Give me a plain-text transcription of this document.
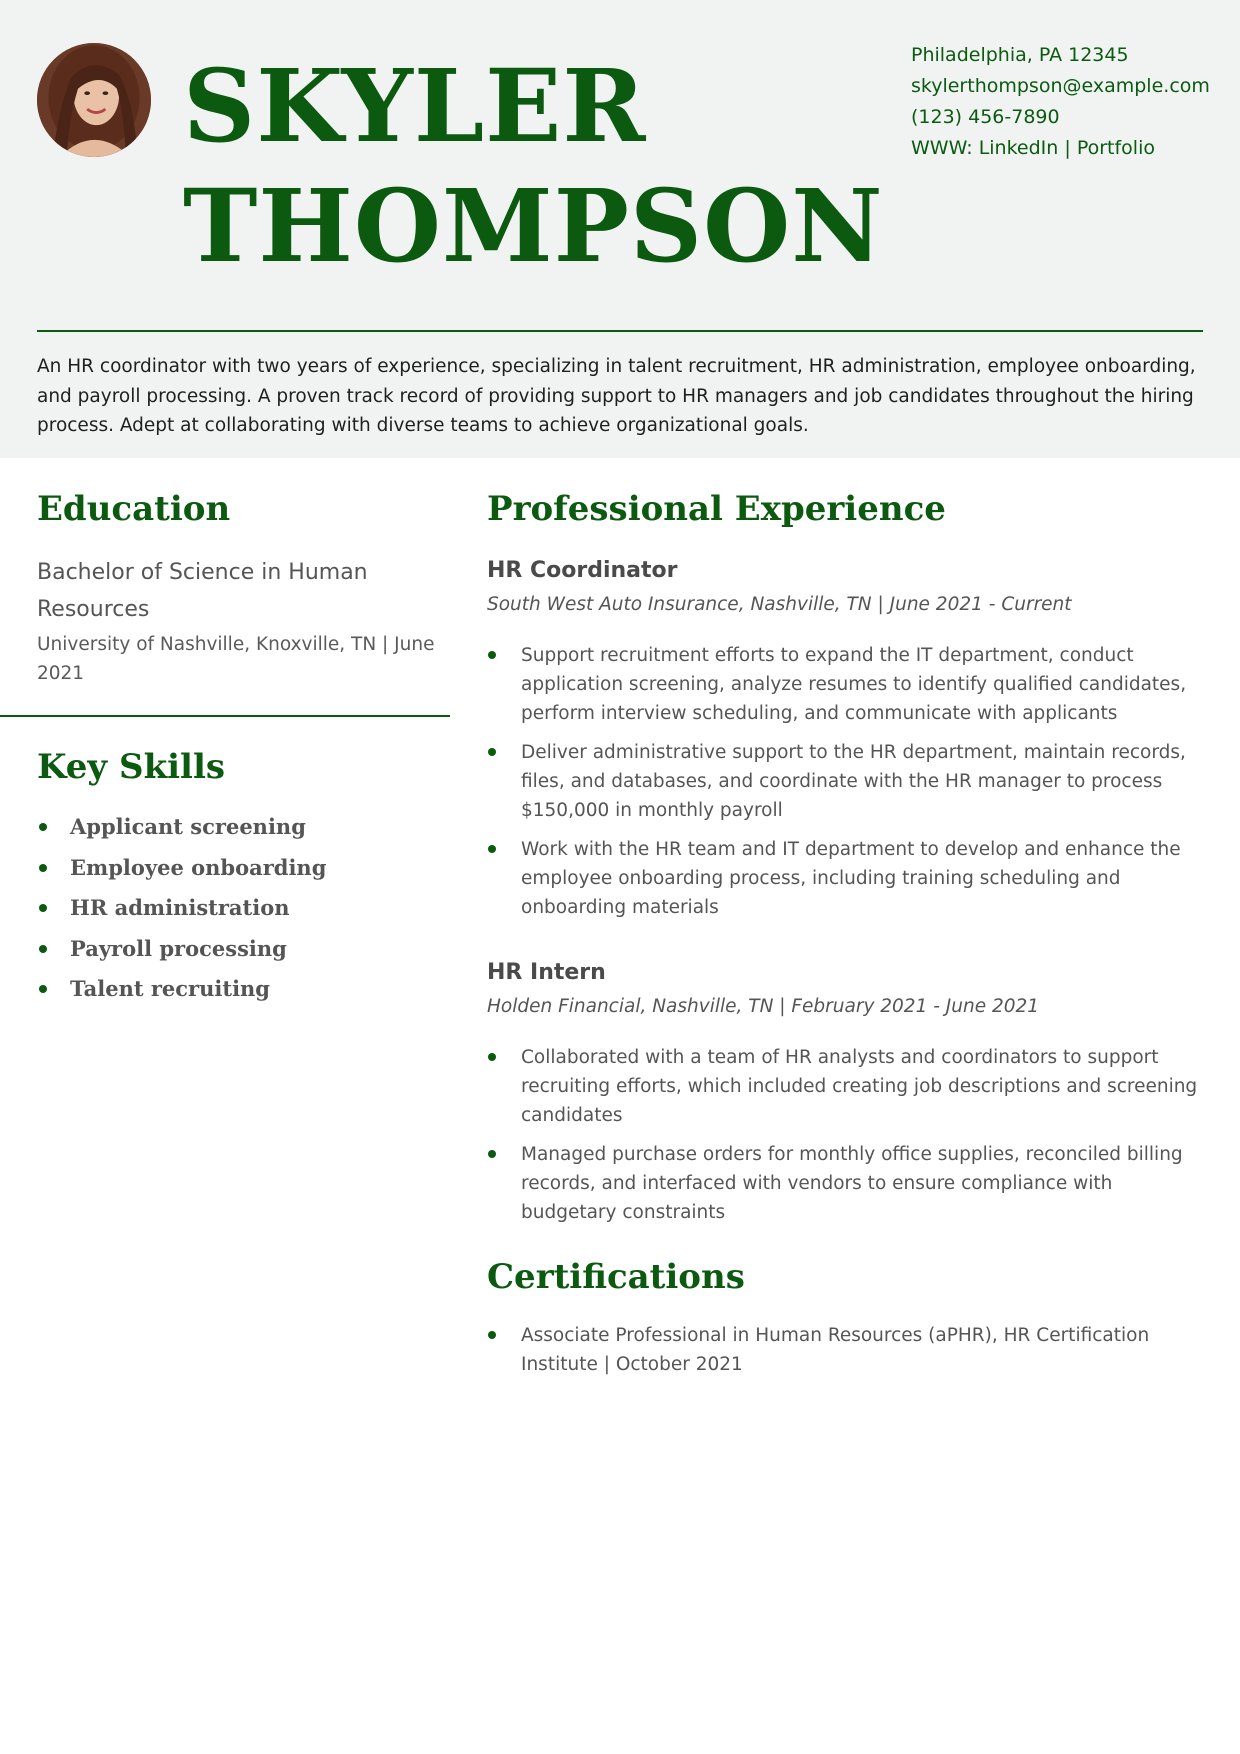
SKYLER
THOMPSON
Philadelphia, PA 12345
skylerthompson@example.com
(123) 456-7890
WWW: LinkedIn | Portfolio

An HR coordinator with two years of experience, specializing in talent recruitment, HR administration, employee onboarding, and payroll processing. A proven track record of providing support to HR managers and job candidates throughout the hiring process. Adept at collaborating with diverse teams to achieve organizational goals.

Education
Bachelor of Science in Human Resources
University of Nashville, Knoxville, TN | June 2021
Key Skills
Applicant screening
Employee onboarding
HR administration
Payroll processing
Talent recruiting
Professional Experience
HR Coordinator
South West Auto Insurance, Nashville, TN | June 2021 - Current
Support recruitment efforts to expand the IT department, conduct application screening, analyze resumes to identify qualified candidates, perform interview scheduling, and communicate with applicants
Deliver administrative support to the HR department, maintain records, files, and databases, and coordinate with the HR manager to process $150,000 in monthly payroll
Work with the HR team and IT department to develop and enhance the employee onboarding process, including training scheduling and onboarding materials
HR Intern
Holden Financial, Nashville, TN | February 2021 - June 2021
Collaborated with a team of HR analysts and coordinators to support recruiting efforts, which included creating job descriptions and screening candidates
Managed purchase orders for monthly office supplies, reconciled billing records, and interfaced with vendors to ensure compliance with budgetary constraints
Certifications
Associate Professional in Human Resources (aPHR), HR Certification Institute | October 2021
